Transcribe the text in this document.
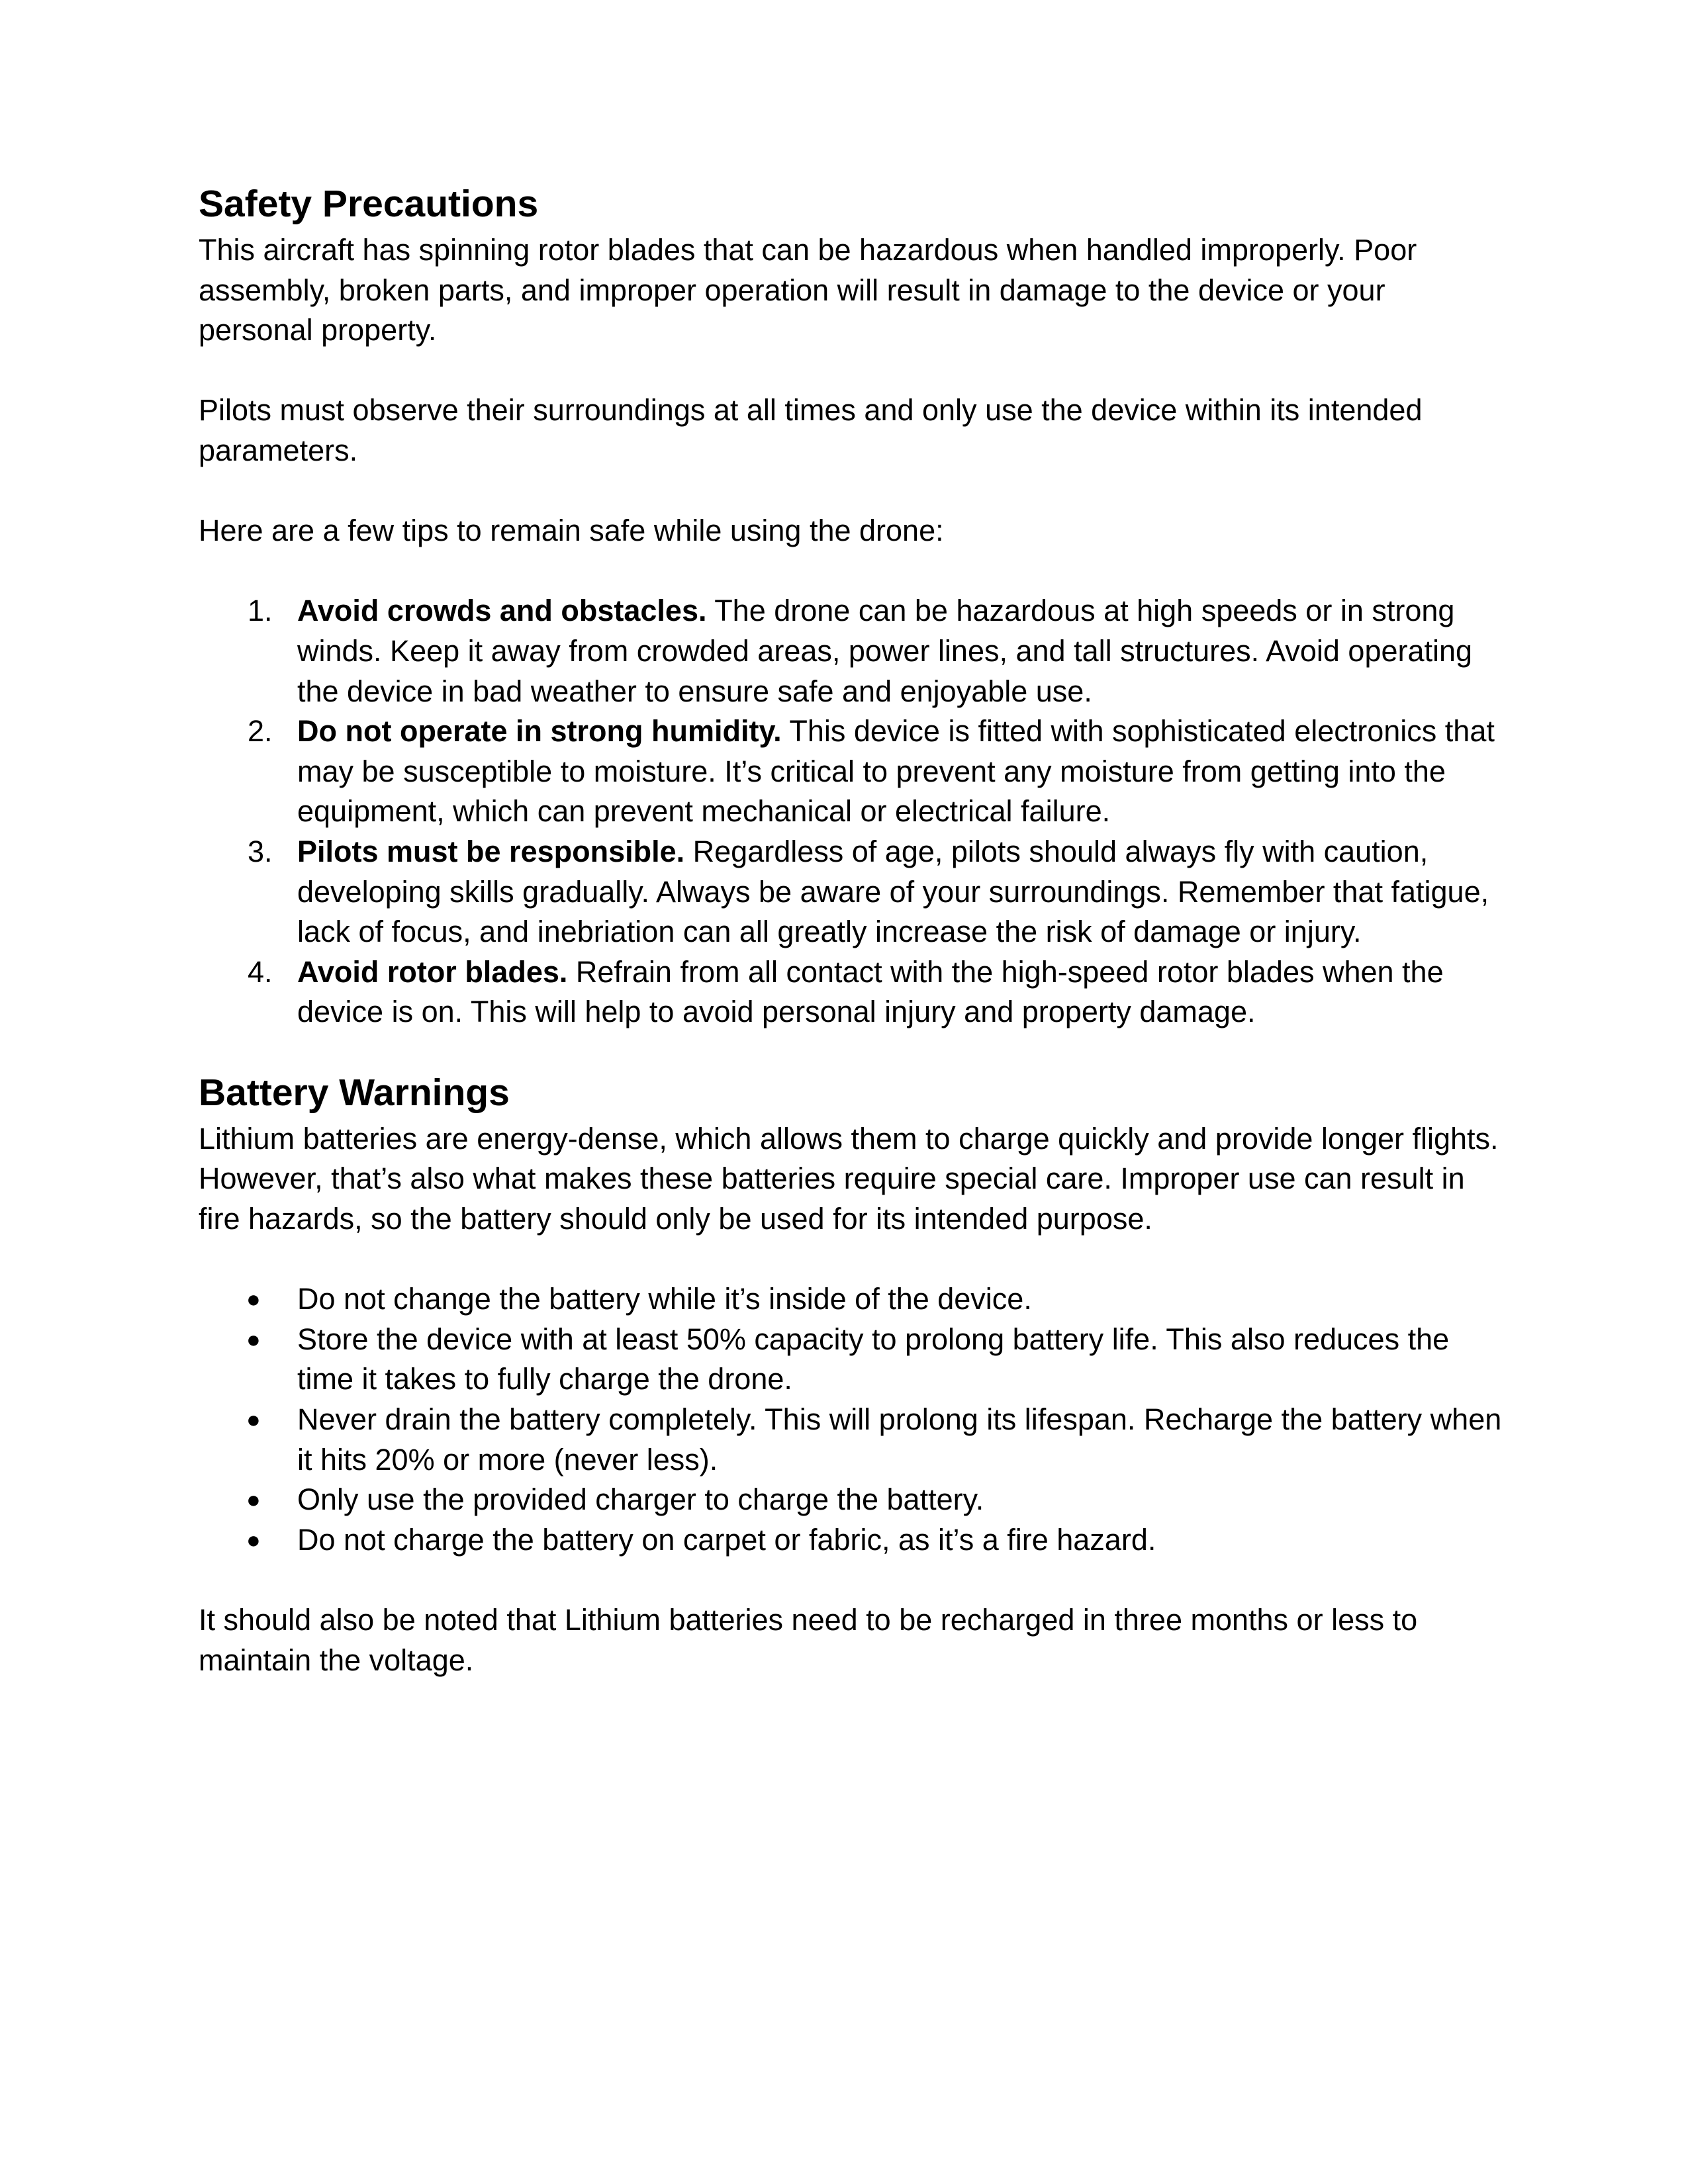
Safety Precautions

This aircraft has spinning rotor blades that can be hazardous when handled improperly. Poor assembly, broken parts, and improper operation will result in damage to the device or your personal property.

Pilots must observe their surroundings at all times and only use the device within its intended parameters.

Here are a few tips to remain safe while using the drone:

1. Avoid crowds and obstacles. The drone can be hazardous at high speeds or in strong winds. Keep it away from crowded areas, power lines, and tall structures. Avoid operating the device in bad weather to ensure safe and enjoyable use.
2. Do not operate in strong humidity. This device is fitted with sophisticated electronics that may be susceptible to moisture. It’s critical to prevent any moisture from getting into the equipment, which can prevent mechanical or electrical failure.
3. Pilots must be responsible. Regardless of age, pilots should always fly with caution, developing skills gradually. Always be aware of your surroundings. Remember that fatigue, lack of focus, and inebriation can all greatly increase the risk of damage or injury.
4. Avoid rotor blades. Refrain from all contact with the high-speed rotor blades when the device is on. This will help to avoid personal injury and property damage.
Battery Warnings

Lithium batteries are energy-dense, which allows them to charge quickly and provide longer flights. However, that’s also what makes these batteries require special care. Improper use can result in fire hazards, so the battery should only be used for its intended purpose.

● Do not change the battery while it’s inside of the device.
● Store the device with at least 50% capacity to prolong battery life. This also reduces the time it takes to fully charge the drone.
● Never drain the battery completely. This will prolong its lifespan. Recharge the battery when it hits 20% or more (never less).
● Only use the provided charger to charge the battery.
● Do not charge the battery on carpet or fabric, as it’s a fire hazard.

It should also be noted that Lithium batteries need to be recharged in three months or less to maintain the voltage.
